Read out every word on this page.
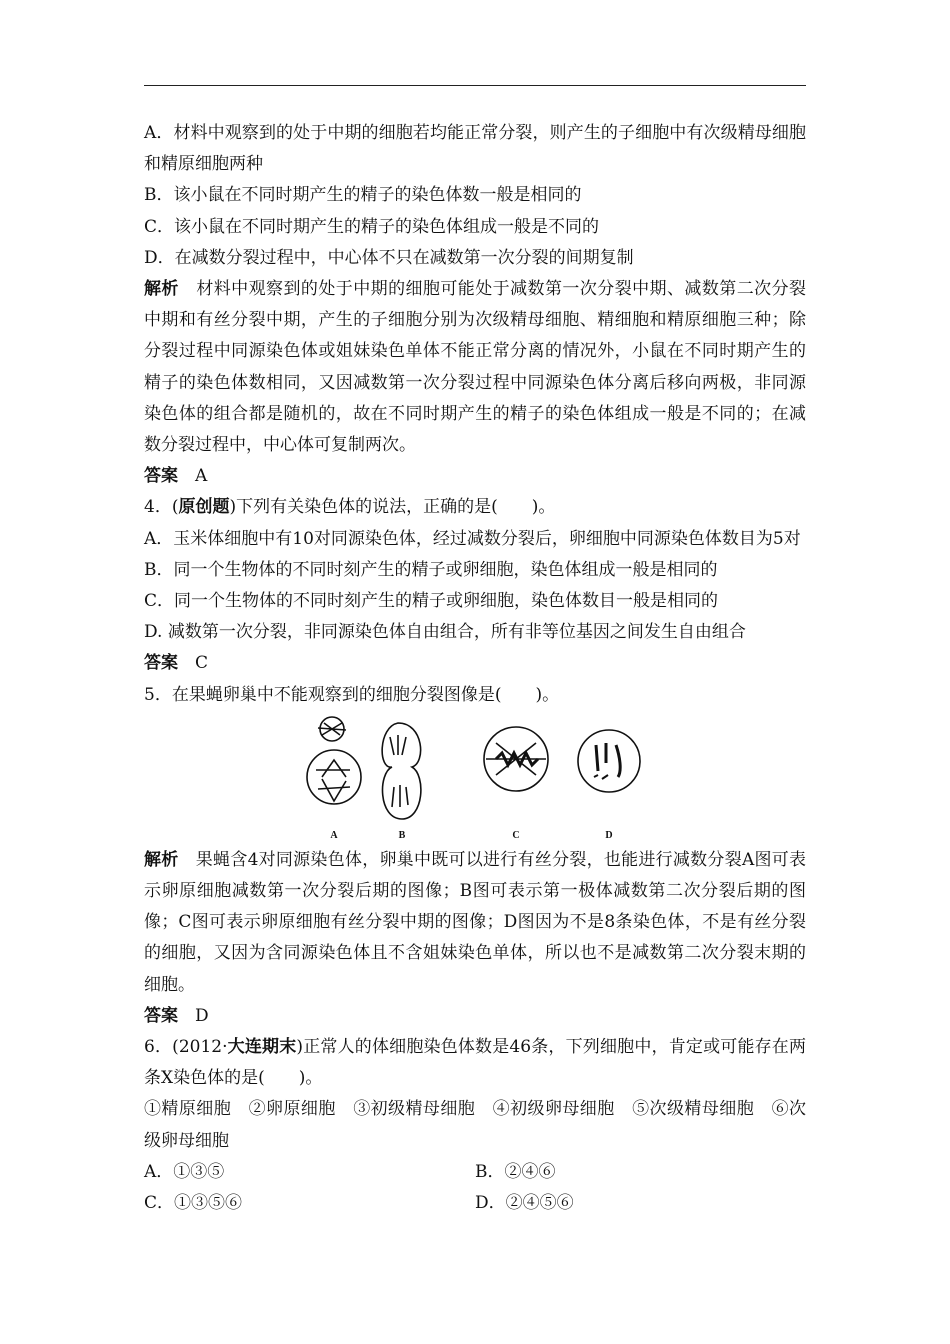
A．材料中观察到的处于中期的细胞若均能正常分裂，则产生的子细胞中有次级精母细胞和精原细胞两种

B．该小鼠在不同时期产生的精子的染色体数一般是相同的

C．该小鼠在不同时期产生的精子的染色体组成一般是不同的

D．在减数分裂过程中，中心体不只在减数第一次分裂的间期复制

解析　 材料中观察到的处于中期的细胞可能处于减数第一次分裂中期、减数第二次分裂中期和有丝分裂中期，产生的子细胞分别为次级精母细胞、精细胞和精原细胞三种；除分裂过程中同源染色体或姐妹染色单体不能正常分离的情况外，小鼠在不同时期产生的精子的染色体数相同，又因减数第一次分裂过程中同源染色体分离后移向两极，非同源染色体的组合都是随机的，故在不同时期产生的精子的染色体组成一般是不同的；在减数分裂过程中，中心体可复制两次。

答案　 A

4．(原创题)下列有关染色体的说法，正确的是(　　)。

A．玉米体细胞中有10对同源染色体，经过减数分裂后，卵细胞中同源染色体数目为5对

B．同一个生物体的不同时刻产生的精子或卵细胞，染色体组成一般是相同的

C．同一个生物体的不同时刻产生的精子或卵细胞，染色体数目一般是相同的

D. 减数第一次分裂，非同源染色体自由组合，所有非等位基因之间发生自由组合

答案　 C

5．在果蝇卵巢中不能观察到的细胞分裂图像是(　　)。

A	B	C	D

解析　 果蝇含4对同源染色体，卵巢中既可以进行有丝分裂，也能进行减数分裂A图可表示卵原细胞减数第一次分裂后期的图像；B图可表示第一极体减数第二次分裂后期的图像；C图可表示卵原细胞有丝分裂中期的图像；D图因为不是8条染色体，不是有丝分裂的细胞，又因为含同源染色体且不含姐妹染色单体，所以也不是减数第二次分裂末期的细胞。

答案　 D

6．(2012·大连期末)正常人的体细胞染色体数是46条，下列细胞中，肯定或可能存在两条X染色体的是(　　)。

①精原细胞　②卵原细胞　③初级精母细胞　④初级卵母细胞　⑤次级精母细胞　⑥次级卵母细胞

A．①③⑤	B．②④⑥
C．①③⑤⑥	D．②④⑤⑥
